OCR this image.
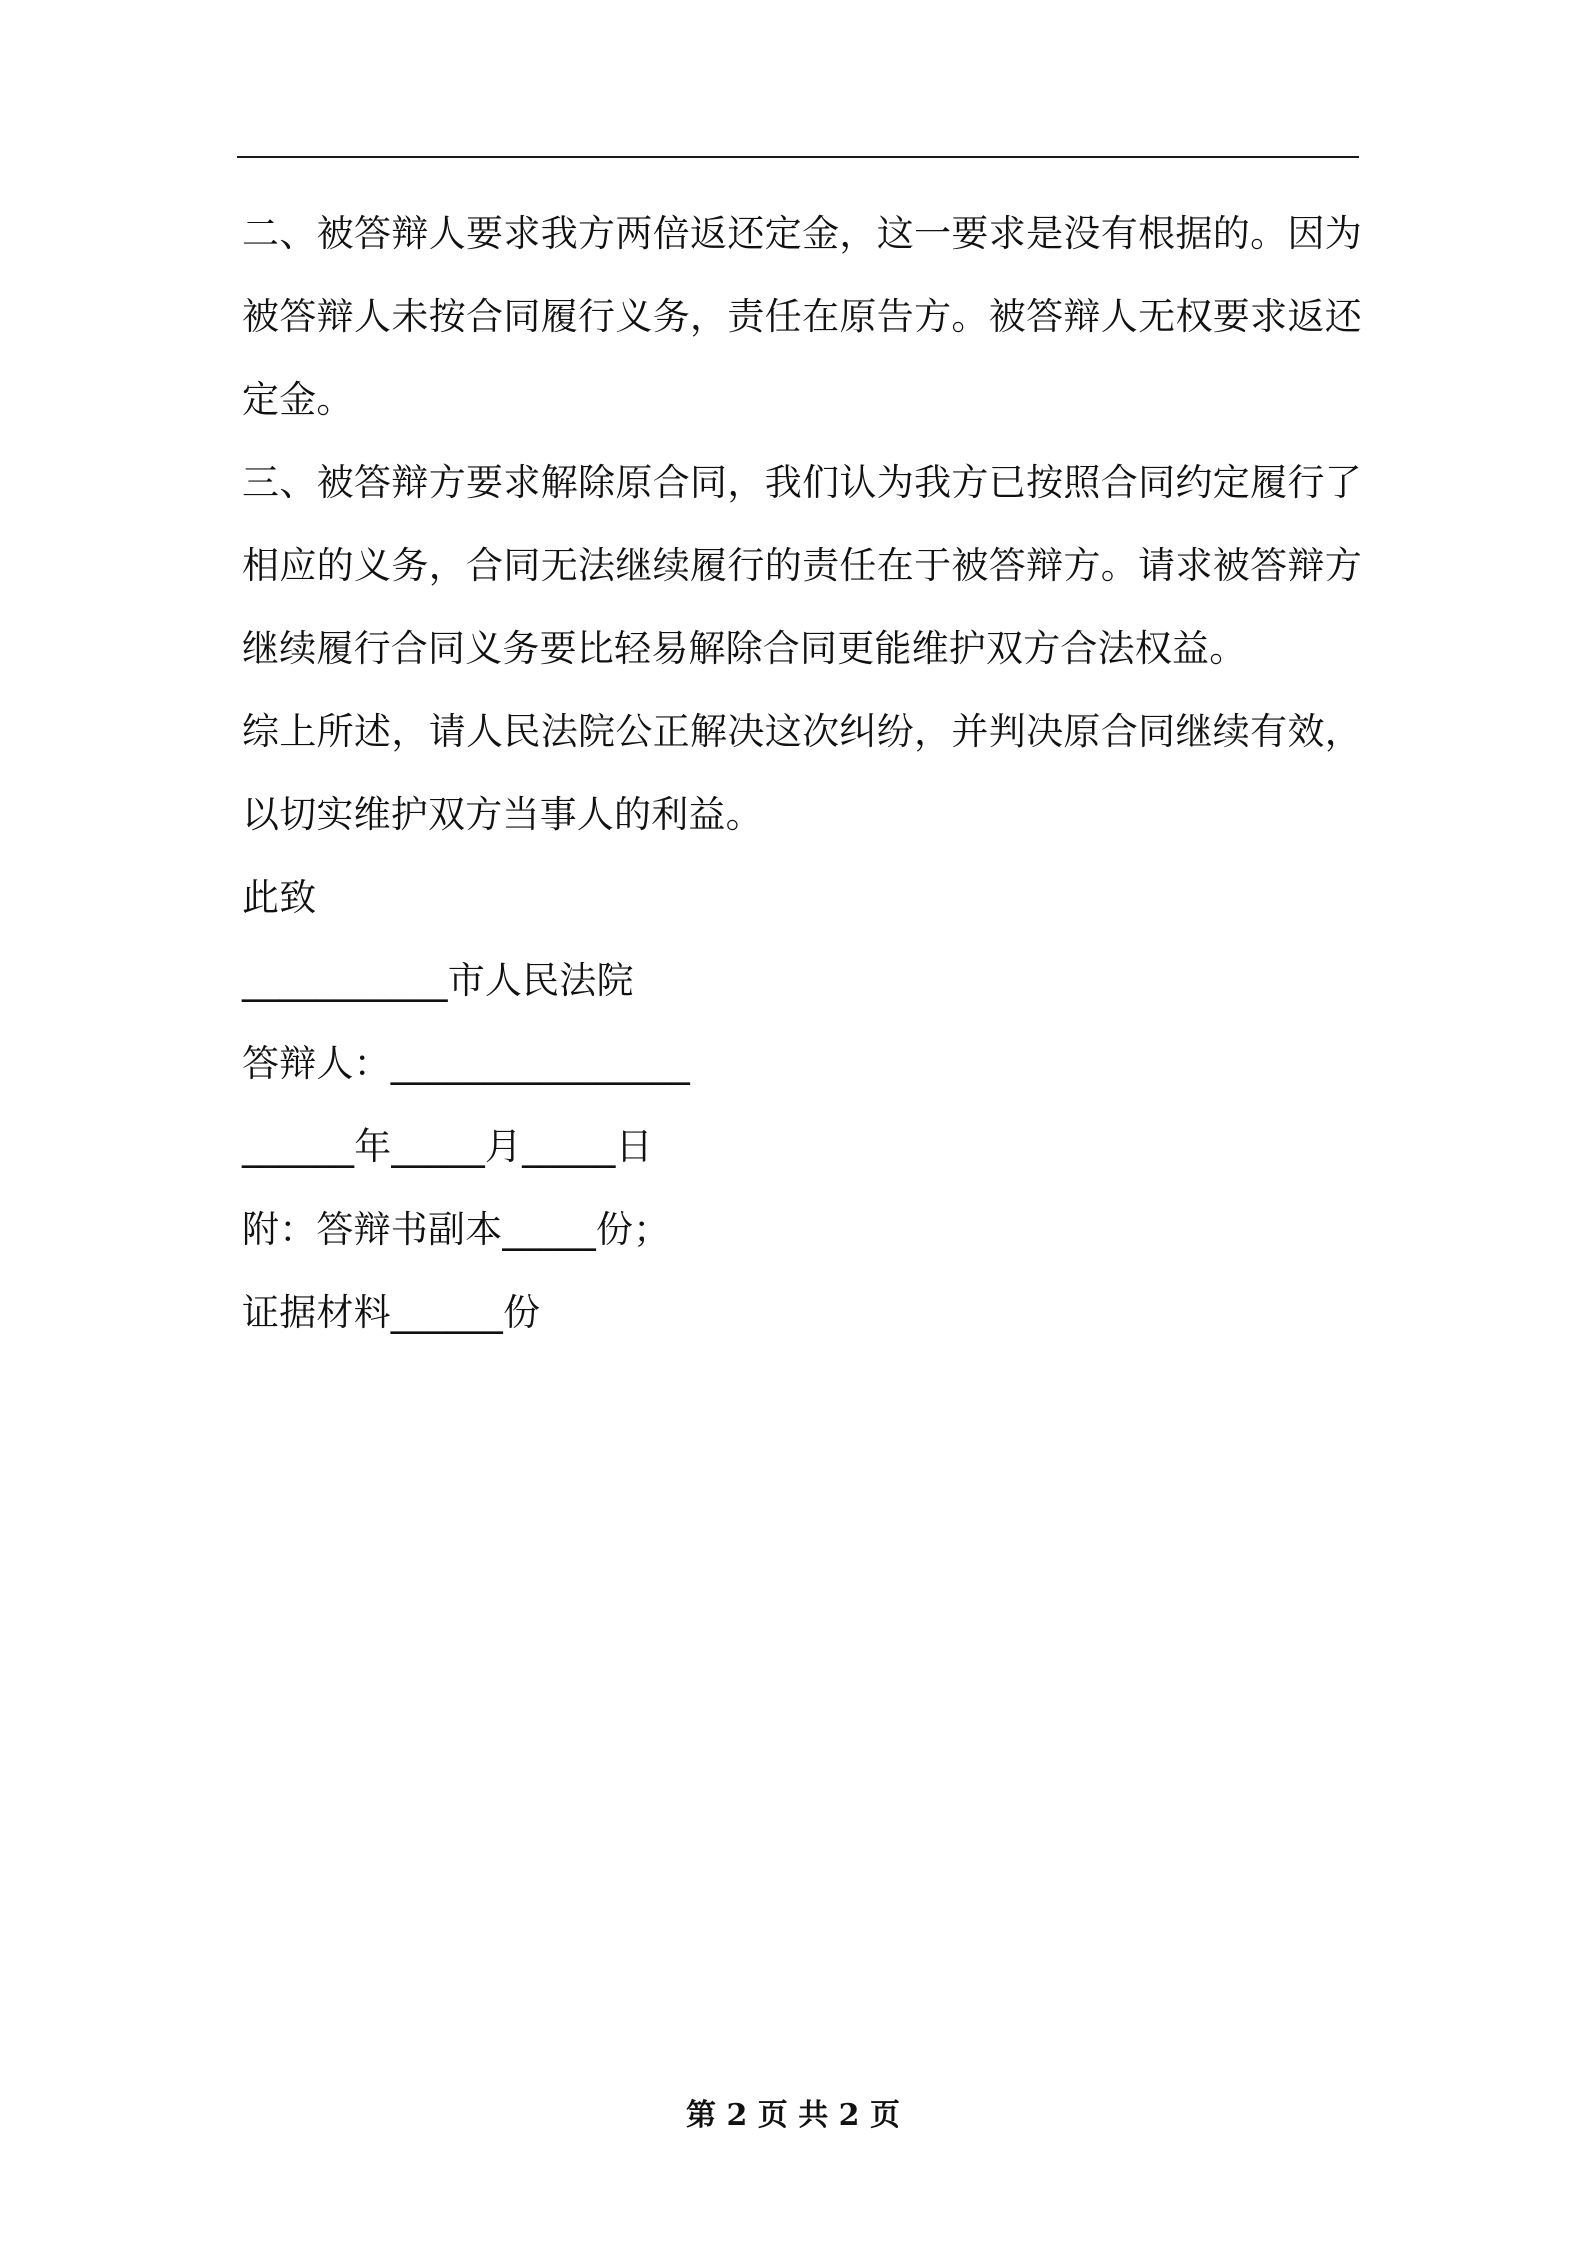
二、被答辩人要求我方两倍返还定金，这一要求是没有根据的。因为被答辩人未按合同履行义务，责任在原告方。被答辩人无权要求返还定金。

三、被答辩方要求解除原合同，我们认为我方已按照合同约定履行了相应的义务，合同无法继续履行的责任在于被答辩方。请求被答辩方继续履行合同义务要比轻易解除合同更能维护双方合法权益。

综上所述，请人民法院公正解决这次纠纷，并判决原合同继续有效，以切实维护双方当事人的利益。

此致
___________市人民法院
答辩人：________________
______年_____月_____日
附：答辩书副本_____份；
证据材料______份
第 2 页 共 2 页
